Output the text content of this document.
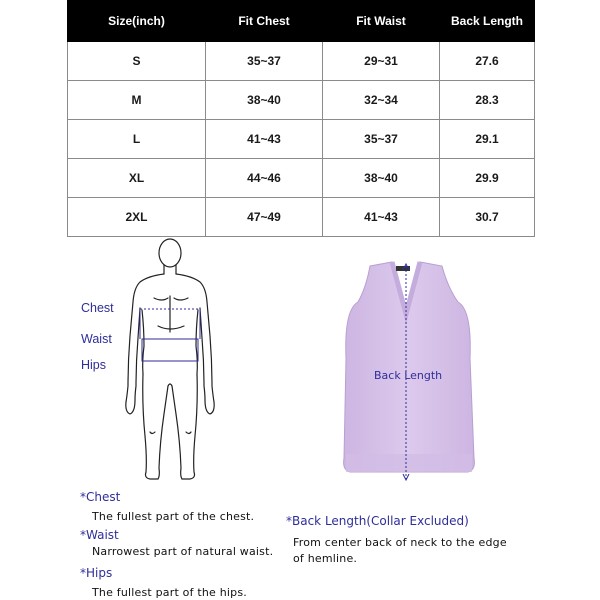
Size(inch)	Fit Chest	Fit Waist	Back Length
S	35~37	29~31	27.6
M	38~40	32~34	28.3
L	41~43	35~37	29.1
XL	44~46	38~40	29.9
2XL	47~49	41~43	30.7
Chest
Waist
Hips
Back Length
*Chest
The fullest part of the chest.
*Waist
Narrowest part of natural waist.
*Hips
The fullest part of the hips.
*Back Length(Collar Excluded)
From center back of neck to the edge
of hemline.
